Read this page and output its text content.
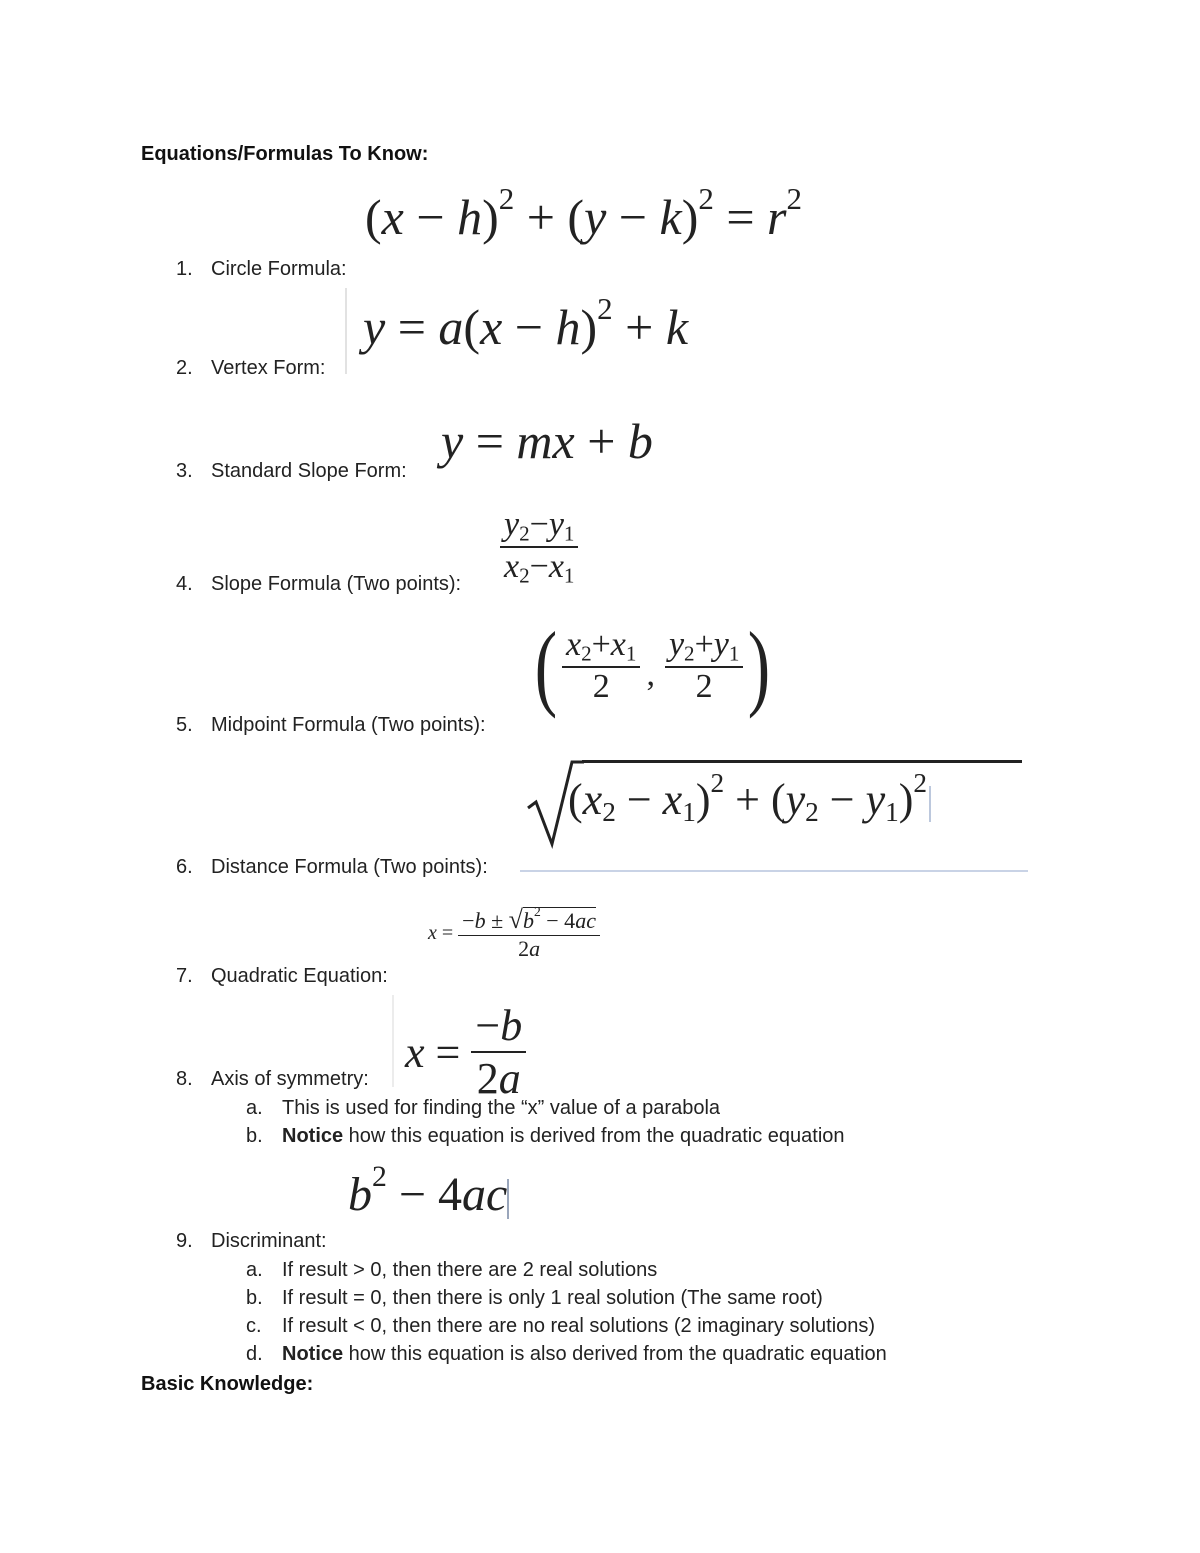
Equations/Formulas To Know:
$(x - h)^2 + (y - k)^2 = r^2$
1. Circle Formula:
$y = a(x - h)^2 + k$
2. Vertex Form:
y = mx + b
3. Standard Slope Form:
$\frac{y_2-y_1}{x_2-x_1}$
4. Slope Formula (Two points):
( $\frac{x_2+x_1}{2}$ , $\frac{y_2+y_1}{2}$ )
5. Midpoint Formula (Two points):
$(x_2 - x_1)^2 + (y_2 - y_1)^2$
6. Distance Formula (Two points):
$x = \frac{-b \pm √b^2 - 4ac}{2a}$
7. Quadratic Equation:
$x = \frac{-b}{2a}$
8. Axis of symmetry:
a. This is used for finding the “x” value of a parabola
b. Notice how this equation is derived from the quadratic equation
$b^2 - 4ac$
9. Discriminant:
a. If result > 0, then there are 2 real solutions
b. If result = 0, then there is only 1 real solution (The same root)
c. If result < 0, then there are no real solutions (2 imaginary solutions)
d. Notice how this equation is also derived from the quadratic equation
Basic Knowledge:
